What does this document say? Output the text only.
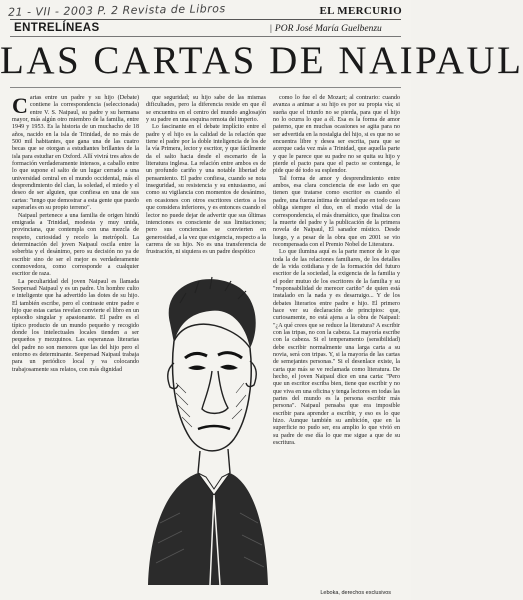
21 - VII - 2003 P. 2 Revista de Libros	EL MERCURIO
ENTRELÍNEAS	| POR José María Guelbenzu
LAS CARTAS DE NAIPAUL

Cartas entre un padre y su hijo (Debate) contiene la correspondencia (seleccionada) entre V. S. Naipaul, su padre y su hermana mayor, más algún otro miembro de la familia, entre 1949 y 1953. Es la historia de un muchacho de 18 años, nacido en la isla de Trinidad, de no más de 500 mil habitantes, que gana una de las cuatro becas que se otorgan a estudiantes brillantes de la isla para estudiar en Oxford. Allí vivirá tres años de formación verdaderamente intensos, a caballo entre lo que supone el salto de un lugar cerrado a una universidad central en el mundo occidental, más el desprendimiento del clan, la soledad, el miedo y el deseo de ser alguien, que confiesa en una de sus cartas: "tengo que demostrar a esta gente que puedo superarles en su propio terreno".

Naipaul pertenece a una familia de origen hindú emigrada a Trinidad, modesta y muy unida, provinciana, que contempla con una mezcla de respeto, curiosidad y recelo la metrópoli. La determinación del joven Naipaul oscila entre la soberbia y el desánimo, pero su decisión no ya de escribir sino de ser el mejor es verdaderamente conmovedora, como corresponde a cualquier escritor de raza.

La peculiaridad del joven Naipaul es llamada Seepersad Naipaul y es un padre. Un hombre culto e inteligente que ha advertido las dotes de su hijo. El también escribe, pero el contraste entre padre e hijo que estas cartas revelan convierte el libro en un episodio singular y apasionante. El padre es el típico producto de un mundo pequeño y recogido donde los intelectuales locales tienden a ser pequeños y mezquinos. Las esperanzas literarias del padre no son menores que las del hijo pero el entorno es determinante. Seepersad Naipaul trabaja para un periódico local y va colocando trabajosamente sus relatos, con más dignidad

que seguridad; su hijo sabe de las mismas dificultades, pero la diferencia reside en que él se encuentra en el centro del mundo anglosajón y su padre en una esquina remota del imperio.

Lo fascinante en el debate implícito entre el padre y el hijo es la calidad de la relación que tiene el padre por la doble inteligencia de los de la vía Primera, lector y escritor, y que fácilmente da el salto hacia desde el escenario de la literatura inglesa. La relación entre ambos es de un profundo cariño y una notable libertad de pensamiento. El padre confiesa, cuando se nota inseguridad, su resistencia y su entusiasmo, así como su vigilancia con momentos de desánimo, en ocasiones con otros escritores ciertos a los que considera inferiores, y es entonces cuando el lector no puede dejar de advertir que sus últimas intenciones es consciente de sus limitaciones; pero sus conciencias se convierten en generosidad, a la vez que exigencia, respecto a la carrera de su hijo. No es una transferencia de frustración, ni siquiera es un padre despótico

como lo fue el de Mozart; al contrario: cuando avanza a animar a su hijo es por su propia vía; si sueña que el triunfo no se pierda, para que el hijo no lo ocurra lo que a él. Esa es la forma de amor paterno, que en muchas ocasiones se agita para no ser advertida en la nostalgia del hijo, si es que no se encuentra libre y desea ser escrita, para que se acerque cada vez más a Trinidad, que aquella parte y que le parece que su padre no se quita su hijo y pierde el pacto para que el pacto se contenga, le pide que dé todo su esplendor.

Tal forma de amor y desprendimiento entre ambos, esa clara conciencia de ese lado en que tienen que tratarse como escritor es cuando el padre, una fuerza íntima de unidad que en todo caso obliga siempre el duo, en el modo vital de la correspondencia, el más dramático, que finaliza con la muerte del padre y la publicación de la primera novela de Naipaul, El sanador místico. Desde luego, y a pesar de la obra que en 2001 se vio recompensada con el Premio Nobel de Literatura.

Lo que ilumina aquí es la parte menor de lo que toda la de las relaciones familiares, de los detalles de la vida cotidiana y de la formación del futuro escritor de la sociedad, la exigencia de la familia y el poder mutuo de los escritores de la familia y su "responsabilidad de merecer cariño" de quien está instalado en la nada y es desarraigo... Y de los debates literarios entre padre e hijo. El primero hace ver su declaración de principios: que, curiosamente, no está ajena a la obra de Naipaul: "¿A qué crees que se reduce la literatura? A escribir con las tripas, no con la cabeza. La mayoría escribe con la cabeza. Si el temperamento (sensibilidad) debe escribir normalmente una larga carta a su novia, será con tripas. Y, si la mayoría de las cartas de semejantes personas." Si el desenlace existe, la carta que más se ve reclamada como literatura. De hecho, el joven Naipaul dice en una carta: "Pero que un escritor escriba bien, tiene que escribir y no que viva en una oficina y tenga lectores en todas las partes del mundo es la persona escribir más persona". Naipaul pensaba que era imposible escribir para aprender a escribir, y eso es lo que hizo. Aunque también su ambición, que en la superficie no pudo ser, era amplio lo que vivió en su padre de ese día lo que me sigue a que de su escritura.

Leboka, derechos exclusivos
